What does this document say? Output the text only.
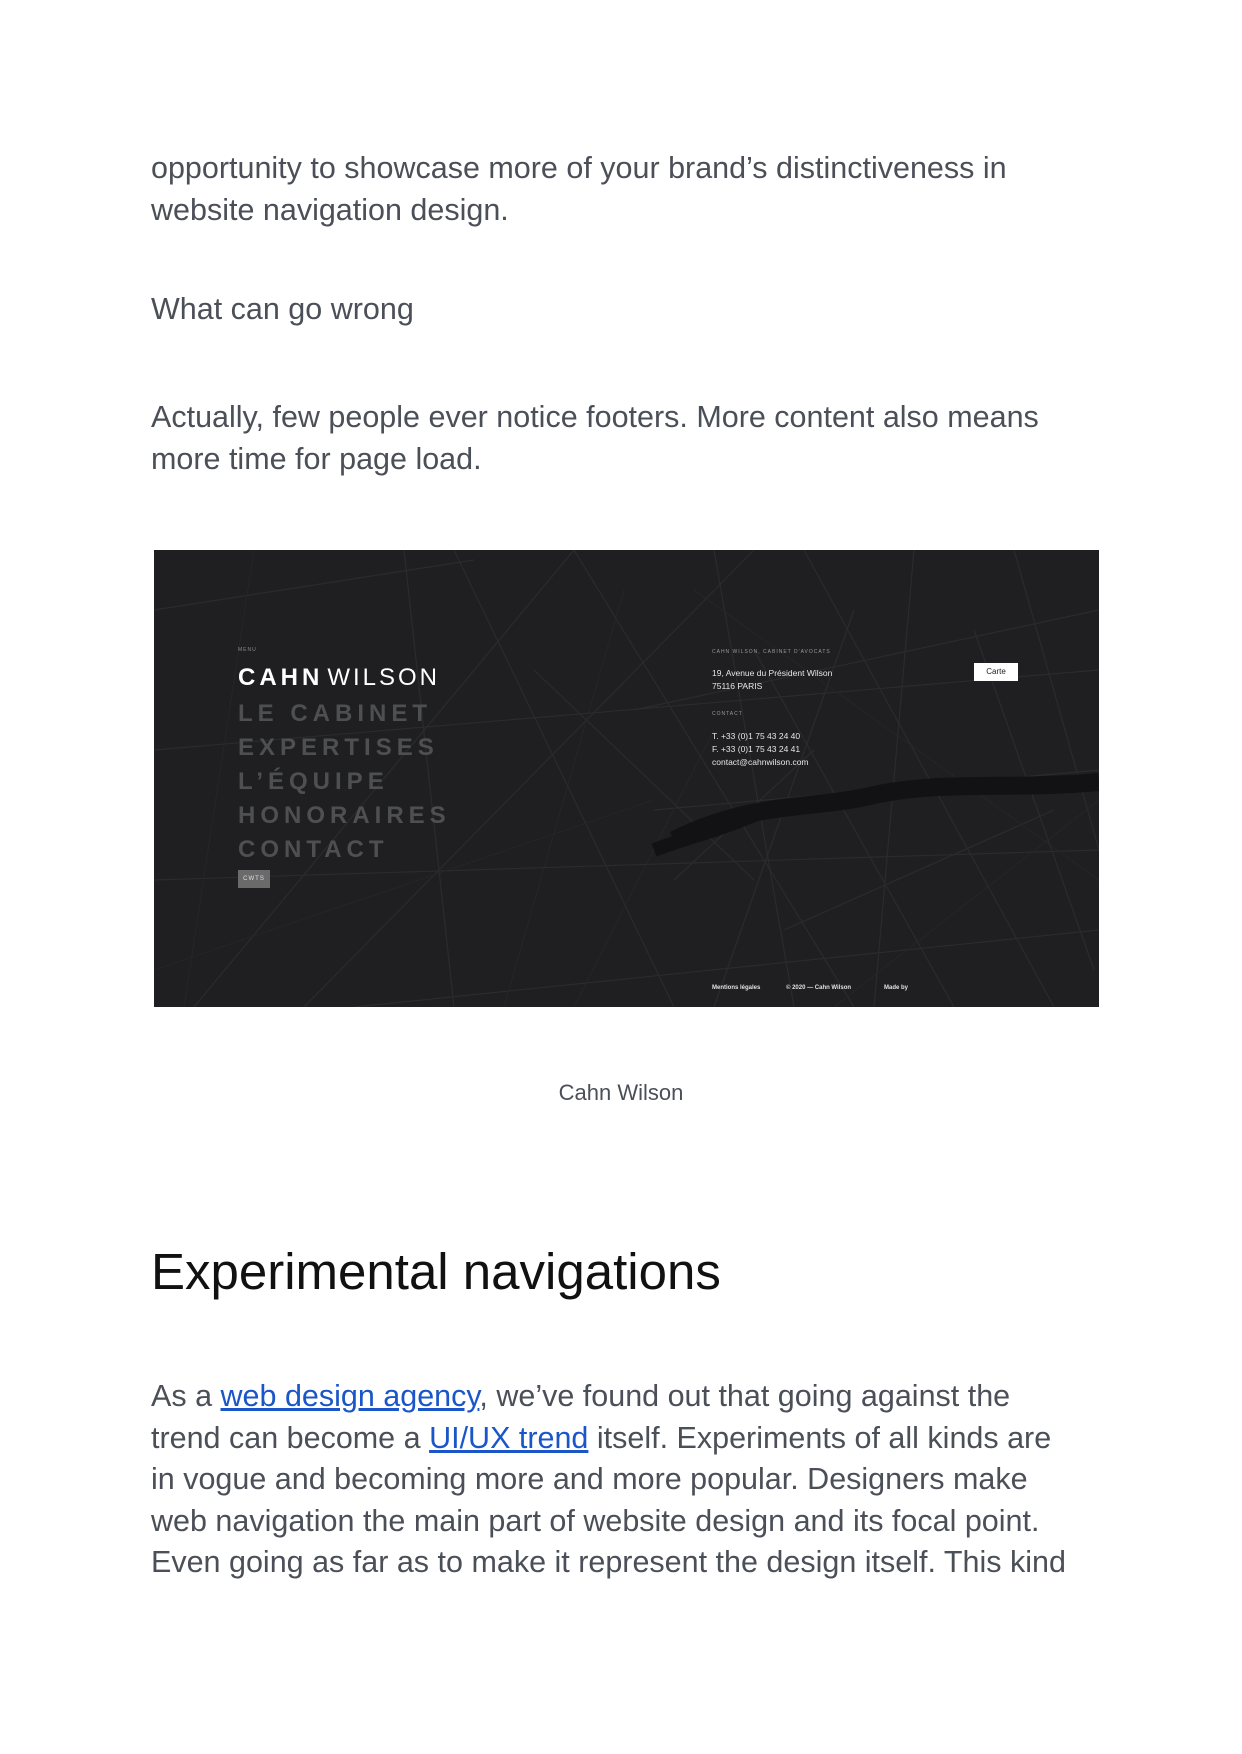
opportunity to showcase more of your brand’s distinctiveness in
website navigation design.

What can go wrong

Actually, few people ever notice footers. More content also means
more time for page load.

MENU
CAHN WILSON
LE CABINET
EXPERTISES
L’ÉQUIPE
HONORAIRES
CONTACT
CWTS
CAHN WILSON, CABINET D'AVOCATS
19, Avenue du Président Wilson
75116 PARIS
CONTACT
T. +33 (0)1 75 43 24 40
F. +33 (0)1 75 43 24 41
contact@cahnwilson.com
Carte
Mentions légales	© 2020 — Cahn Wilson	Made by
Cahn Wilson
Experimental navigations

As a web design agency, we’ve found out that going against the
trend can become a UI/UX trend itself. Experiments of all kinds are
in vogue and becoming more and more popular. Designers make
web navigation the main part of website design and its focal point.
Even going as far as to make it represent the design itself. This kind
